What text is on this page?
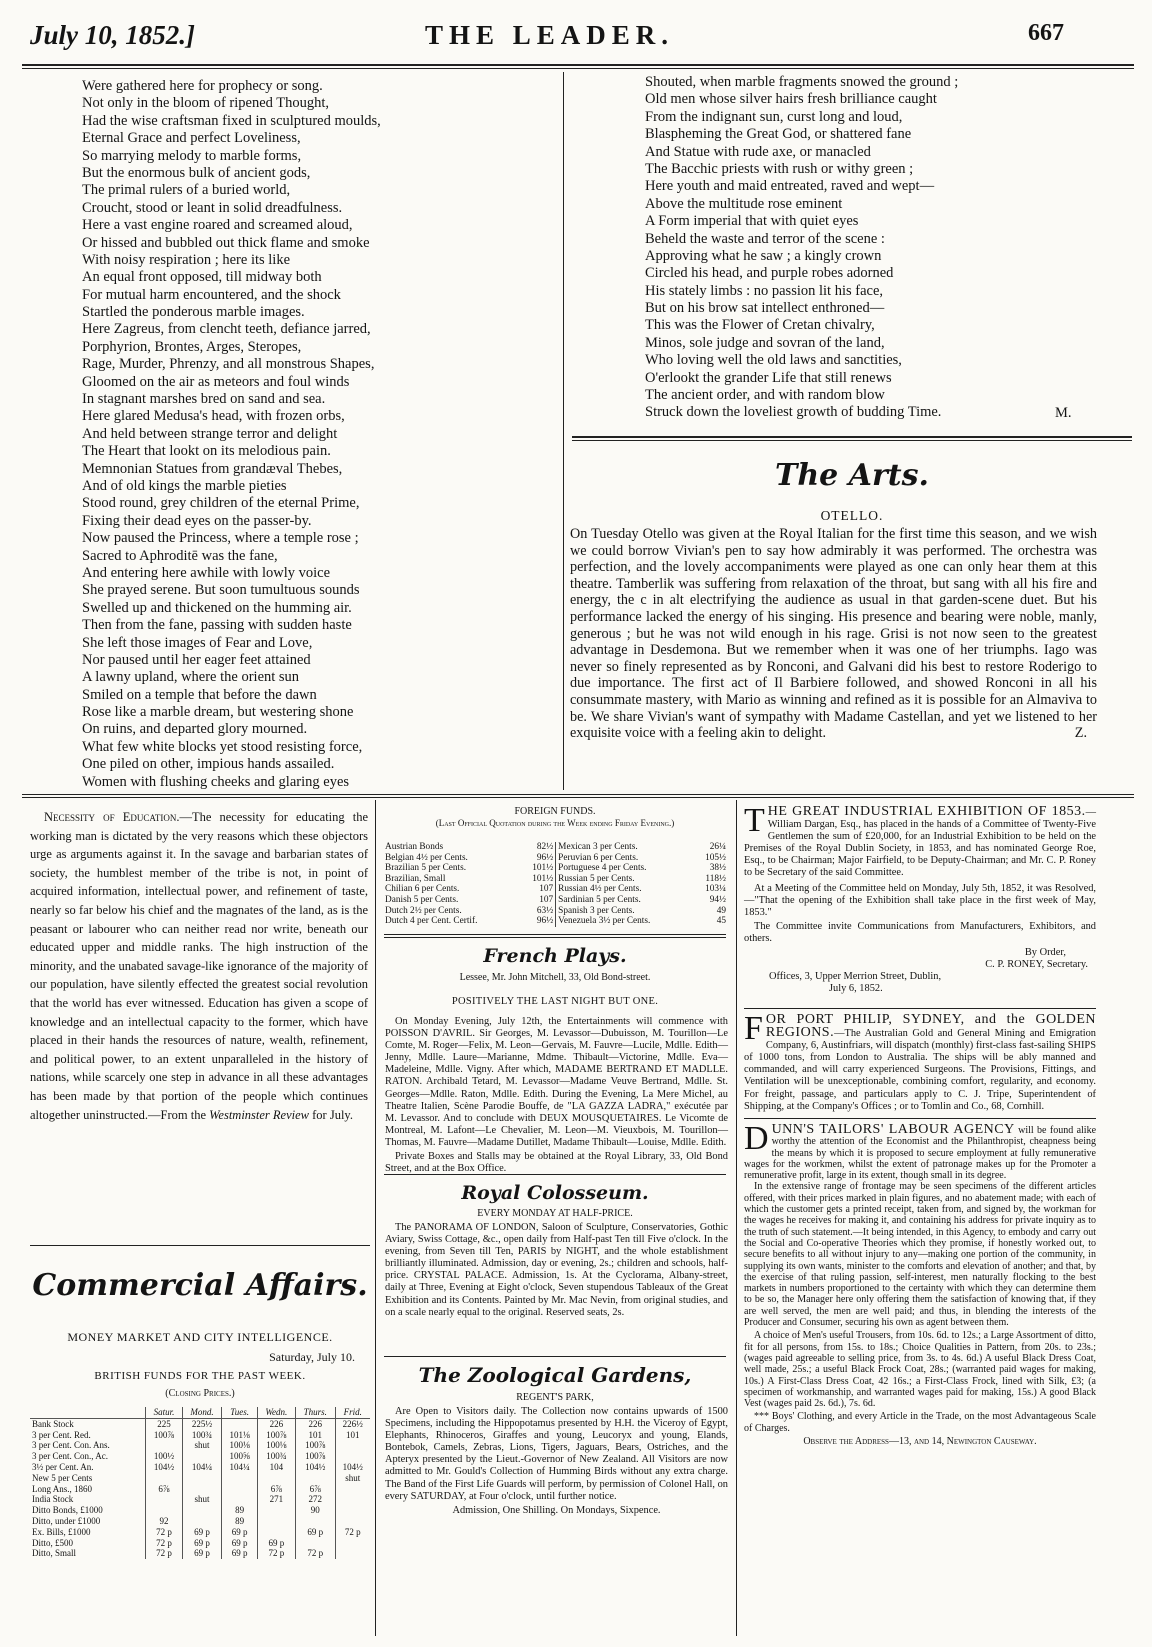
July 10, 1852.]	THE LEADER.	667
Were gathered here for prophecy or song.
Not only in the bloom of ripened Thought,
Had the wise craftsman fixed in sculptured moulds,
Eternal Grace and perfect Loveliness,
So marrying melody to marble forms,
But the enormous bulk of ancient gods,
The primal rulers of a buried world,
Croucht, stood or leant in solid dreadfulness.
Here a vast engine roared and screamed aloud,
Or hissed and bubbled out thick flame and smoke
With noisy respiration ; here its like
An equal front opposed, till midway both
For mutual harm encountered, and the shock
Startled the ponderous marble images.
Here Zagreus, from clencht teeth, defiance jarred,
Porphyrion, Brontes, Arges, Steropes,
Rage, Murder, Phrenzy, and all monstrous Shapes,
Gloomed on the air as meteors and foul winds
In stagnant marshes bred on sand and sea.
Here glared Medusa's head, with frozen orbs,
And held between strange terror and delight
The Heart that lookt on its melodious pain.
Memnonian Statues from grandæval Thebes,
And of old kings the marble pieties
Stood round, grey children of the eternal Prime,
Fixing their dead eyes on the passer-by.
Now paused the Princess, where a temple rose ;
Sacred to Aphroditē was the fane,
And entering here awhile with lowly voice
She prayed serene. But soon tumultuous sounds
Swelled up and thickened on the humming air.
Then from the fane, passing with sudden haste
She left those images of Fear and Love,
Nor paused until her eager feet attained
A lawny upland, where the orient sun
Smiled on a temple that before the dawn
Rose like a marble dream, but westering shone
On ruins, and departed glory mourned.
What few white blocks yet stood resisting force,
One piled on other, impious hands assailed.
Women with flushing cheeks and glaring eyes
Shouted, when marble fragments snowed the ground ;
Old men whose silver hairs fresh brilliance caught
From the indignant sun, curst long and loud,
Blaspheming the Great God, or shattered fane
And Statue with rude axe, or manacled
The Bacchic priests with rush or withy green ;
Here youth and maid entreated, raved and wept—
Above the multitude rose eminent
A Form imperial that with quiet eyes
Beheld the waste and terror of the scene :
Approving what he saw ; a kingly crown
Circled his head, and purple robes adorned
His stately limbs : no passion lit his face,
But on his brow sat intellect enthroned—
This was the Flower of Cretan chivalry,
Minos, sole judge and sovran of the land,
Who loving well the old laws and sanctities,
O'erlookt the grander Life that still renews
The ancient order, and with random blow
Struck down the loveliest growth of budding Time.	M.
The Arts.
OTELLO.
On Tuesday Otello was given at the Royal Italian for the first time this season, and we wish we could borrow Vivian's pen to say how admirably it was performed. The orchestra was perfection, and the lovely accompaniments were played as one can only hear them at this theatre. Tamberlik was suffering from relaxation of the throat, but sang with all his fire and energy, the c in alt electrifying the audience as usual in that garden-scene duet. But his performance lacked the energy of his singing. His presence and bearing were noble, manly, generous ; but he was not wild enough in his rage. Grisi is not now seen to the greatest advantage in Desdemona. But we remember when it was one of her triumphs. Iago was never so finely represented as by Ronconi, and Galvani did his best to restore Roderigo to due importance. The first act of Il Barbiere followed, and showed Ronconi in all his consummate mastery, with Mario as winning and refined as it is possible for an Almaviva to be. We share Vivian's want of sympathy with Madame Castellan, and yet we listened to her exquisite voice with a feeling akin to delight.	Z.
Necessity of Education.—The necessity for educating the working man is dictated by the very reasons which these objectors urge as arguments against it. In the savage and barbarian states of society, the humblest member of the tribe is not, in point of acquired information, intellectual power, and refinement of taste, nearly so far below his chief and the magnates of the land, as is the peasant or labourer who can neither read nor write, beneath our educated upper and middle ranks. The high instruction of the minority, and the unabated savage-like ignorance of the majority of our population, have silently effected the greatest social revolution that the world has ever witnessed. Education has given a scope of knowledge and an intellectual capacity to the former, which have placed in their hands the resources of nature, wealth, refinement, and political power, to an extent unparalleled in the history of nations, while scarcely one step in advance in all these advantages has been made by that portion of the people which continues altogether uninstructed.—From the Westminster Review for July.
Commercial Affairs.
MONEY MARKET AND CITY INTELLIGENCE.
Saturday, July 10.
BRITISH FUNDS FOR THE PAST WEEK.
(Closing Prices.)
	Satur.	Mond.	Tues.	Wedn.	Thurs.	Frid.
Bank Stock	225	225½		226	226	226½
3 per Cent. Red.	100⅞	100¾	101⅛	100⅞	101	101
3 per Cent. Con. Ans.		shut	100⅛	100⅛	100⅞	
3 per Cent. Con., Ac.	100½		100⅝	100¾	100⅞	
3½ per Cent. An.	104½	104¼	104¼	104	104½	104½
New 5 per Cents						shut
Long Ans., 1860	6⅞			6⅞	6⅞	
India Stock		shut		271	272	
Ditto Bonds, £1000			89		90	
Ditto, under £1000	92		89			
Ex. Bills, £1000	72 p	69 p	69 p		69 p	72 p
Ditto, £500	72 p	69 p	69 p	69 p		
Ditto, Small	72 p	69 p	69 p	72 p	72 p	
FOREIGN FUNDS.
(Last Official Quotation during the Week ending Friday Evening.)
Austrian Bonds	82½	Mexican 3 per Cents.	26¼
Belgian 4½ per Cents.	96½	Peruvian 6 per Cents.	105½
Brazilian 5 per Cents.	101½	Portuguese 4 per Cents.	38½
Brazilian, Small	101½	Russian 5 per Cents.	118½
Chilian 6 per Cents.	107	Russian 4½ per Cents.	103¼
Danish 5 per Cents.	107	Sardinian 5 per Cents.	94½
Dutch 2½ per Cents.	63½	Spanish 3 per Cents.	49
Dutch 4 per Cent. Certif.	96½	Venezuela 3½ per Cents.	45
French Plays.
Lessee, Mr. John Mitchell, 33, Old Bond-street.
POSITIVELY THE LAST NIGHT BUT ONE.

On Monday Evening, July 12th, the Entertainments will commence with POISSON D'AVRIL. Sir Georges, M. Levassor—Dubuisson, M. Tourillon—Le Comte, M. Roger—Felix, M. Leon—Gervais, M. Fauvre—Lucile, Mdlle. Edith—Jenny, Mdlle. Laure—Marianne, Mdme. Thibault—Victorine, Mdlle. Eva—Madeleine, Mdlle. Vigny. After which, MADAME BERTRAND ET MADLLE. RATON. Archibald Tetard, M. Levassor—Madame Veuve Bertrand, Mdlle. St. Georges—Mdlle. Raton, Mdlle. Edith. During the Evening, La Mere Michel, au Theatre Italien, Scène Parodie Bouffe, de "LA GAZZA LADRA," exécutée par M. Levassor. And to conclude with DEUX MOUSQUETAIRES. Le Vicomte de Montreal, M. Lafont—Le Chevalier, M. Leon—M. Vieuxbois, M. Tourillon—Thomas, M. Fauvre—Madame Dutillet, Madame Thibault—Louise, Mdlle. Edith.

Private Boxes and Stalls may be obtained at the Royal Library, 33, Old Bond Street, and at the Box Office.

Royal Colosseum.
EVERY MONDAY AT HALF-PRICE.

The PANORAMA OF LONDON, Saloon of Sculpture, Conservatories, Gothic Aviary, Swiss Cottage, &c., open daily from Half-past Ten till Five o'clock. In the evening, from Seven till Ten, PARIS by NIGHT, and the whole establishment brilliantly illuminated. Admission, day or evening, 2s.; children and schools, half-price. CRYSTAL PALACE. Admission, 1s. At the Cyclorama, Albany-street, daily at Three, Evening at Eight o'clock, Seven stupendous Tableaux of the Great Exhibition and its Contents. Painted by Mr. Mac Nevin, from original studies, and on a scale nearly equal to the original. Reserved seats, 2s.

The Zoological Gardens,
REGENT'S PARK,

Are Open to Visitors daily. The Collection now contains upwards of 1500 Specimens, including the Hippopotamus presented by H.H. the Viceroy of Egypt, Elephants, Rhinoceros, Giraffes and young, Leucoryx and young, Elands, Bontebok, Camels, Zebras, Lions, Tigers, Jaguars, Bears, Ostriches, and the Apteryx presented by the Lieut.-Governor of New Zealand. All Visitors are now admitted to Mr. Gould's Collection of Humming Birds without any extra charge. The Band of the First Life Guards will perform, by permission of Colonel Hall, on every SATURDAY, at Four o'clock, until further notice.

Admission, One Shilling. On Mondays, Sixpence.

T HE GREAT INDUSTRIAL EXHIBITION OF 1853.—William Dargan, Esq., has placed in the hands of a Committee of Twenty-Five Gentlemen the sum of £20,000, for an Industrial Exhibition to be held on the Premises of the Royal Dublin Society, in 1853, and has nominated George Roe, Esq., to be Chairman; Major Fairfield, to be Deputy-Chairman; and Mr. C. P. Roney to be Secretary of the said Committee.

At a Meeting of the Committee held on Monday, July 5th, 1852, it was Resolved,—"That the opening of the Exhibition shall take place in the first week of May, 1853."

The Committee invite Communications from Manufacturers, Exhibitors, and others.

By Order,
C. P. RONEY, Secretary.
Offices, 3, Upper Merrion Street, Dublin,
July 6, 1852.
F OR PORT PHILIP, SYDNEY, and the GOLDEN REGIONS.—The Australian Gold and General Mining and Emigration Company, 6, Austinfriars, will dispatch (monthly) first-class fast-sailing SHIPS of 1000 tons, from London to Australia. The ships will be ably manned and commanded, and will carry experienced Surgeons. The Provisions, Fittings, and Ventilation will be unexceptionable, combining comfort, regularity, and economy. For freight, passage, and particulars apply to C. J. Tripe, Superintendent of Shipping, at the Company's Offices ; or to Tomlin and Co., 68, Cornhill.
D UNN'S TAILORS' LABOUR AGENCY will be found alike worthy the attention of the Economist and the Philanthropist, cheapness being the means by which it is proposed to secure employment at fully remunerative wages for the workmen, whilst the extent of patronage makes up for the Promoter a remunerative profit, large in its extent, though small in its degree.

In the extensive range of frontage may be seen specimens of the different articles offered, with their prices marked in plain figures, and no abatement made; with each of which the customer gets a printed receipt, taken from, and signed by, the workman for the wages he receives for making it, and containing his address for private inquiry as to the truth of such statement.—It being intended, in this Agency, to embody and carry out the Social and Co-operative Theories which they promise, if honestly worked out, to secure benefits to all without injury to any—making one portion of the community, in supplying its own wants, minister to the comforts and elevation of another; and that, by the exercise of that ruling passion, self-interest, men naturally flocking to the best markets in numbers proportioned to the certainty with which they can determine them to be so, the Manager here only offering them the satisfaction of knowing that, if they are well served, the men are well paid; and thus, in blending the interests of the Producer and Consumer, securing his own as agent between them.

A choice of Men's useful Trousers, from 10s. 6d. to 12s.; a Large Assortment of ditto, fit for all persons, from 15s. to 18s.; Choice Qualities in Pattern, from 20s. to 23s.; (wages paid agreeable to selling price, from 3s. to 4s. 6d.) A useful Black Dress Coat, well made, 25s.; a useful Black Frock Coat, 28s.; (warranted paid wages for making, 10s.) A First-Class Dress Coat, 42 16s.; a First-Class Frock, lined with Silk, £3; (a specimen of workmanship, and warranted wages paid for making, 15s.) A good Black Vest (wages paid 2s. 6d.), 7s. 6d.

*** Boys' Clothing, and every Article in the Trade, on the most Advantageous Scale of Charges.

Observe the Address—13, and 14, Newington Causeway.
